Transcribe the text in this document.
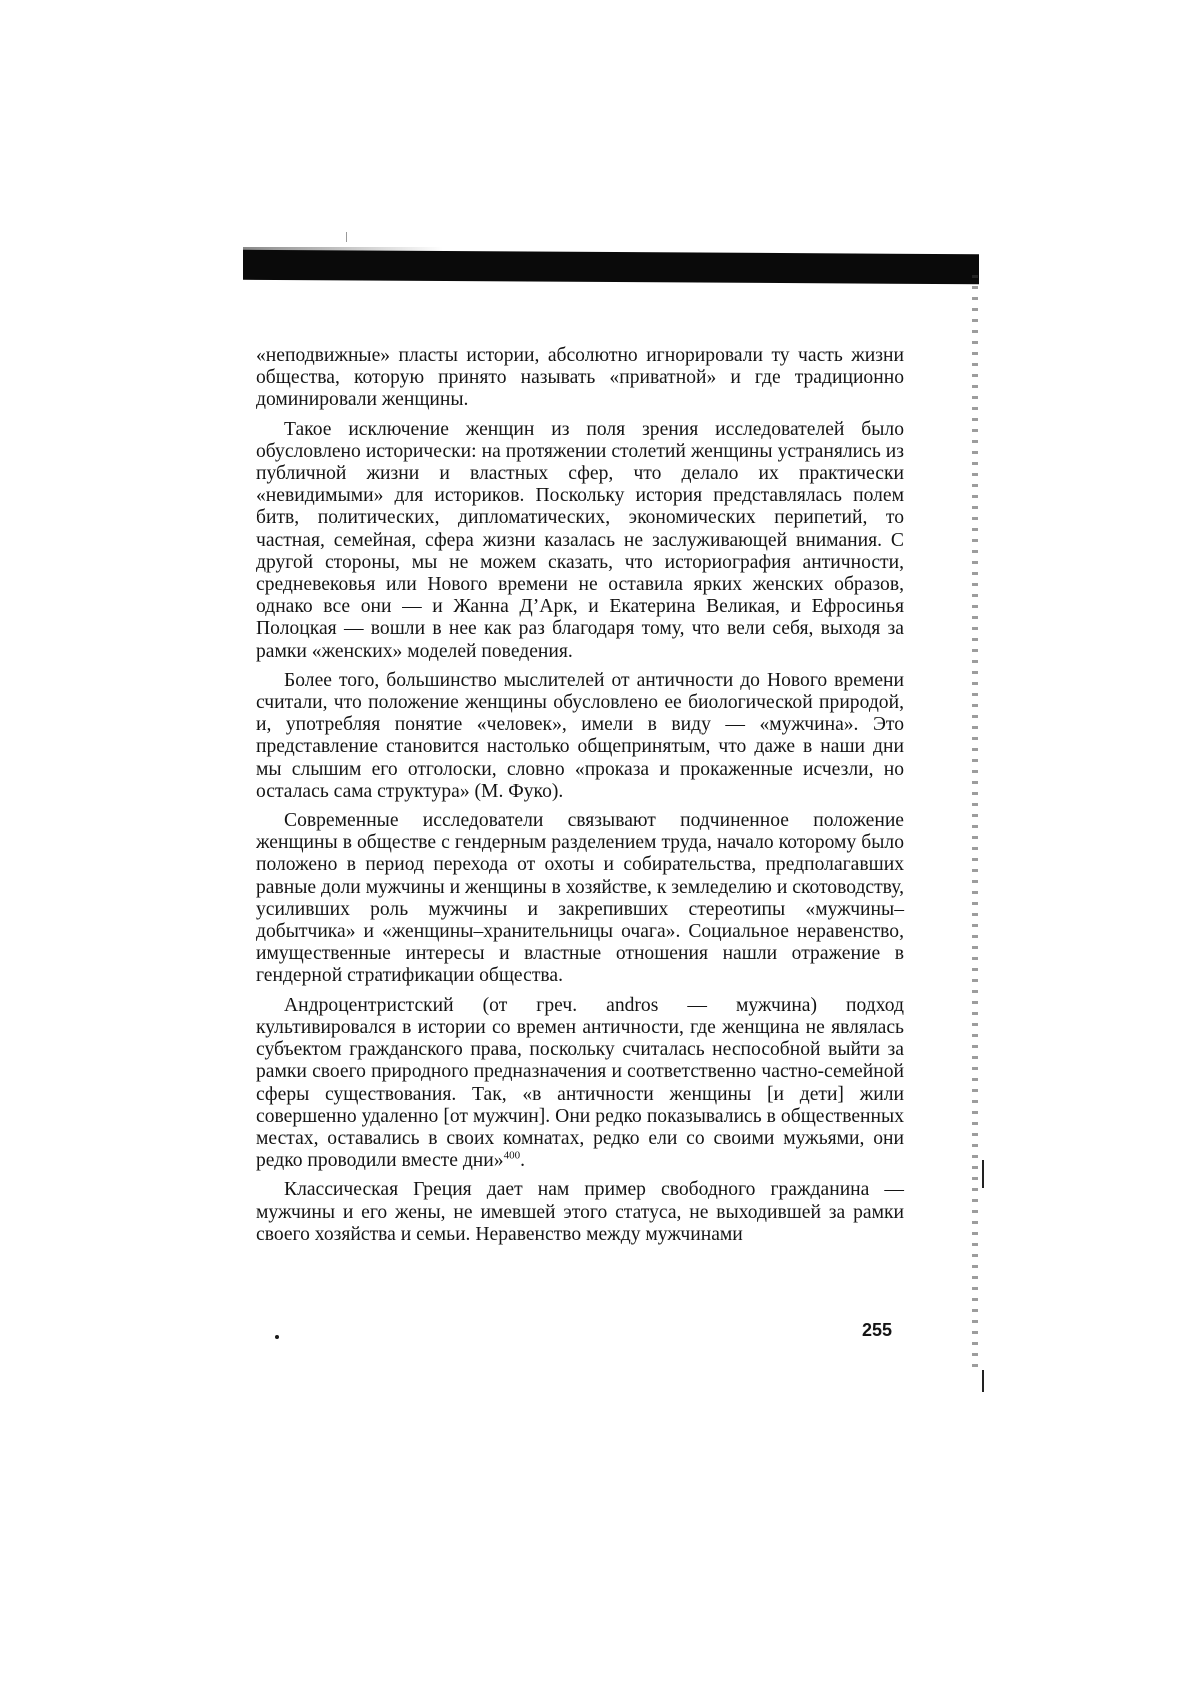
«неподвижные» пласты истории, абсолютно игнорировали ту часть жизни общества, которую принято называть «приватной» и где традиционно доминировали женщины.

Такое исключение женщин из поля зрения исследователей было обусловлено исторически: на протяжении столетий женщины устранялись из публичной жизни и властных сфер, что делало их практически «невидимыми» для историков. Поскольку история представлялась полем битв, политических, дипломатических, экономических перипетий, то частная, семейная, сфера жизни казалась не заслуживающей внимания. С другой стороны, мы не можем сказать, что историография античности, средневековья или Нового времени не оставила ярких женских образов, однако все они — и Жанна Д’Арк, и Екатерина Великая, и Ефросинья Полоцкая — вошли в нее как раз благодаря тому, что вели себя, выходя за рамки «женских» моделей поведения.

Более того, большинство мыслителей от античности до Нового времени считали, что положение женщины обусловлено ее биологической природой, и, употребляя понятие «человек», имели в виду — «мужчина». Это представление становится настолько общепринятым, что даже в наши дни мы слышим его отголоски, словно «проказа и прокаженные исчезли, но осталась сама структура» (М. Фуко).

Современные исследователи связывают подчиненное положение женщины в обществе с гендерным разделением труда, начало которому было положено в период перехода от охоты и собирательства, предполагавших равные доли мужчины и женщины в хозяйстве, к земледелию и скотоводству, усиливших роль мужчины и закрепивших стереотипы «мужчины–добытчика» и «женщины–хранительницы очага». Социальное неравенство, имущественные интересы и властные отношения нашли отражение в гендерной стратификации общества.

Андроцентристский (от греч. andros — мужчина) подход культивировался в истории со времен античности, где женщина не являлась субъектом гражданского права, поскольку считалась неспособной выйти за рамки своего природного предназначения и соответственно частно-семейной сферы существования. Так, «в античности женщины [и дети] жили совершенно удаленно [от мужчин]. Они редко показывались в общественных местах, оставались в своих комнатах, редко ели со своими мужьями, они редко проводили вместе дни»$^{400}$.

Классическая Греция дает нам пример свободного гражданина — мужчины и его жены, не имевшей этого статуса, не выходившей за рамки своего хозяйства и семьи. Неравенство между мужчинами

255
